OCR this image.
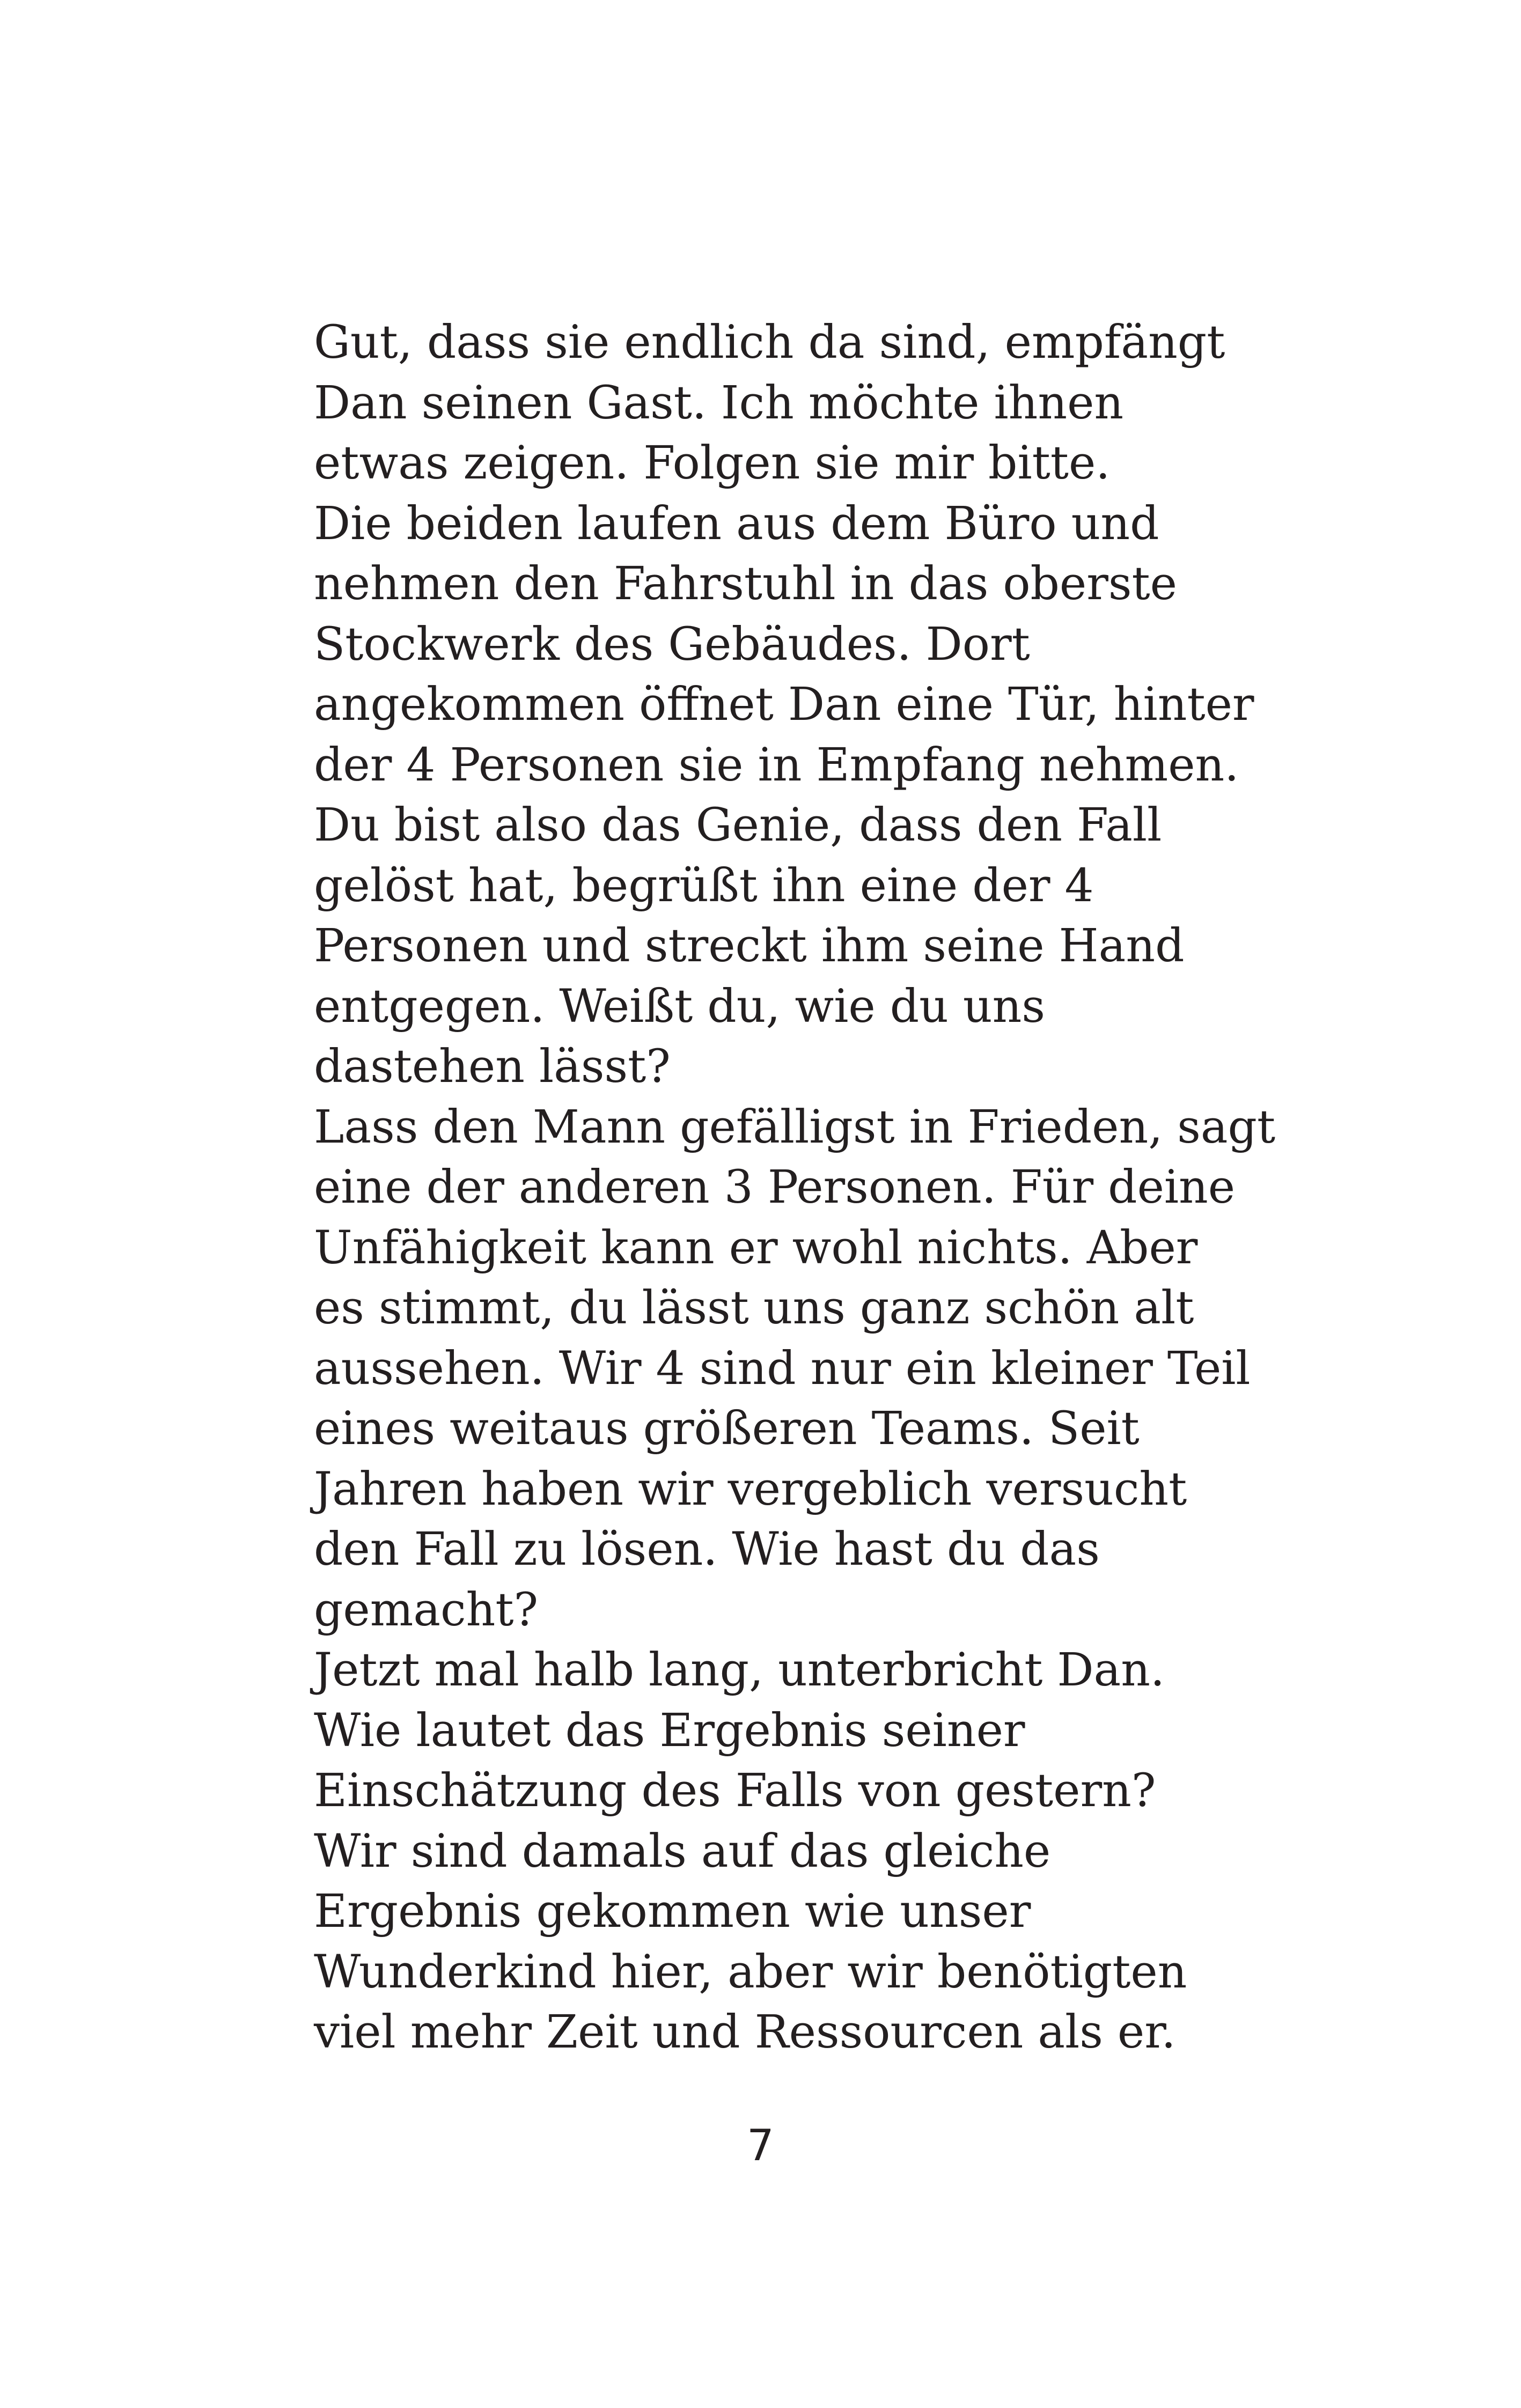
Gut, dass sie endlich da sind, empfängt
Dan seinen Gast. Ich möchte ihnen
etwas zeigen. Folgen sie mir bitte.
Die beiden laufen aus dem Büro und
nehmen den Fahrstuhl in das oberste
Stockwerk des Gebäudes. Dort
angekommen öffnet Dan eine Tür, hinter
der 4 Personen sie in Empfang nehmen.
Du bist also das Genie, dass den Fall
gelöst hat, begrüßt ihn eine der 4
Personen und streckt ihm seine Hand
entgegen. Weißt du, wie du uns
dastehen lässt?
Lass den Mann gefälligst in Frieden, sagt
eine der anderen 3 Personen. Für deine
Unfähigkeit kann er wohl nichts. Aber
es stimmt, du lässt uns ganz schön alt
aussehen. Wir 4 sind nur ein kleiner Teil
eines weitaus größeren Teams. Seit
Jahren haben wir vergeblich versucht
den Fall zu lösen. Wie hast du das
gemacht?
Jetzt mal halb lang, unterbricht Dan.
Wie lautet das Ergebnis seiner
Einschätzung des Falls von gestern?
Wir sind damals auf das gleiche
Ergebnis gekommen wie unser
Wunderkind hier, aber wir benötigten
viel mehr Zeit und Ressourcen als er.
7
